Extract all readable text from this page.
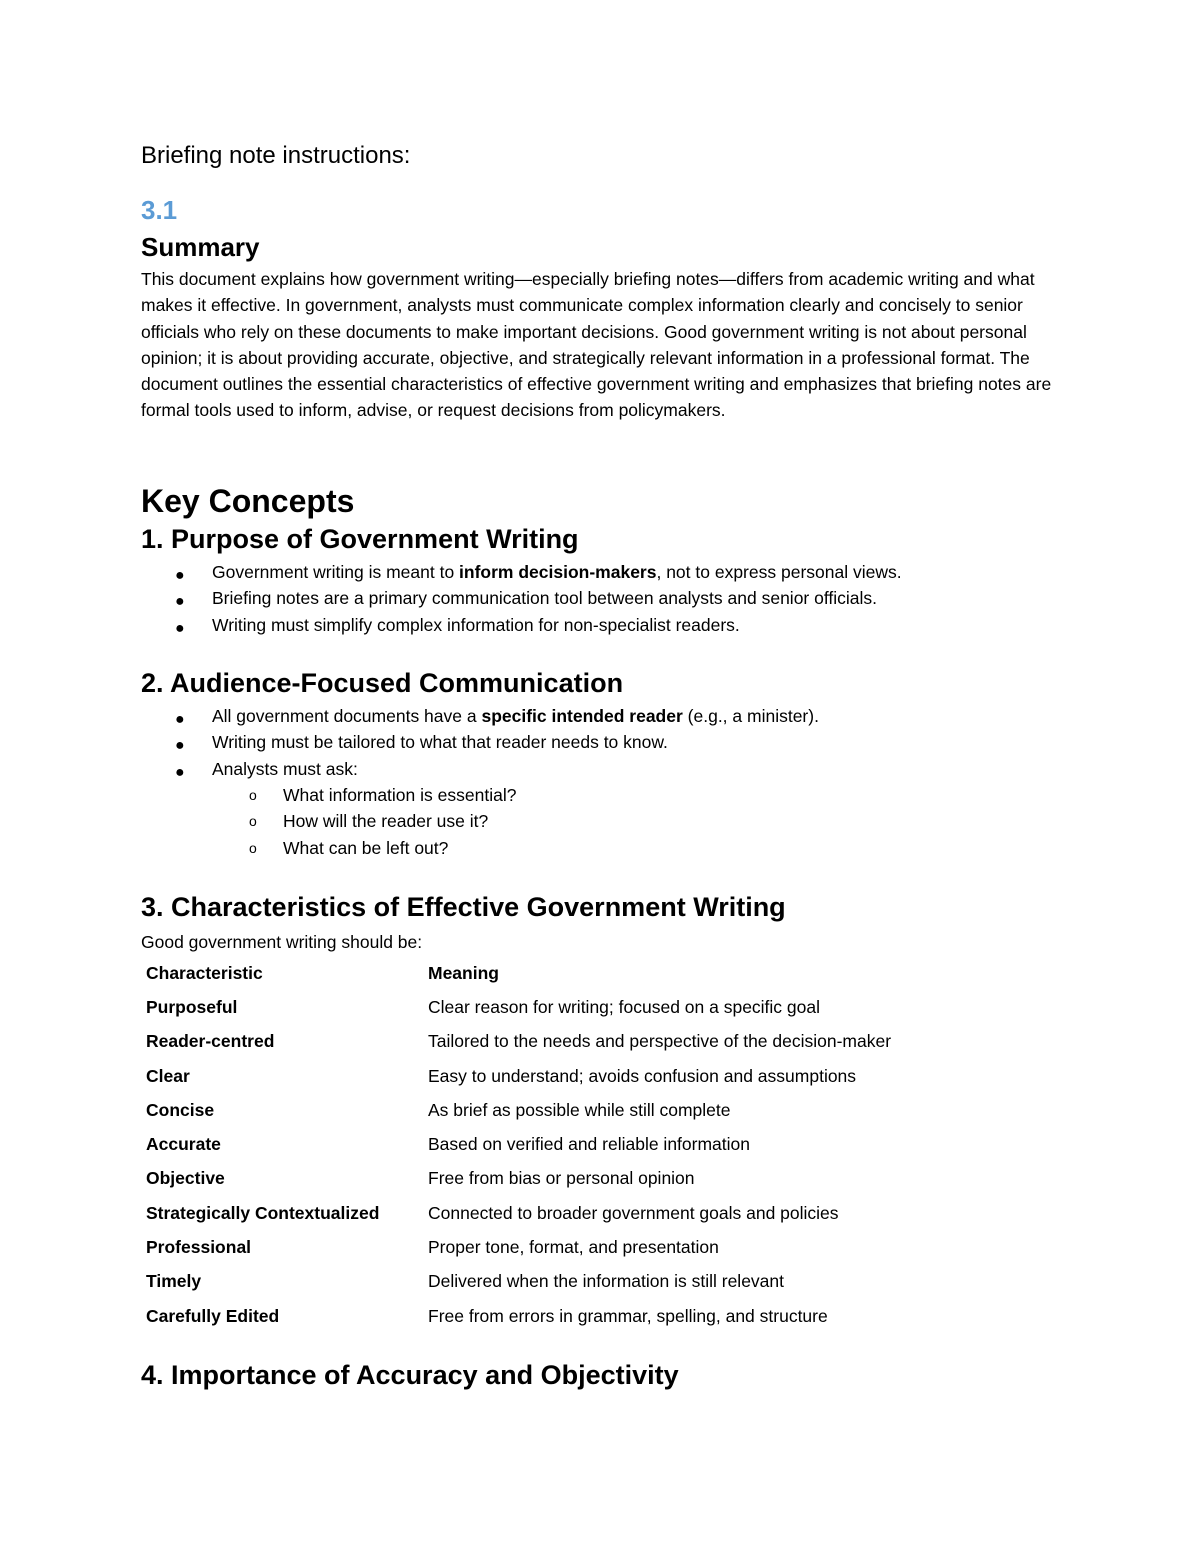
Briefing note instructions:
3.1
Summary

This document explains how government writing—especially briefing notes—differs from academic writing and what makes it effective. In government, analysts must communicate complex information clearly and concisely to senior officials who rely on these documents to make important decisions. Good government writing is not about personal opinion; it is about providing accurate, objective, and strategically relevant information in a professional format. The document outlines the essential characteristics of effective government writing and emphasizes that briefing notes are formal tools used to inform, advise, or request decisions from policymakers.

Key Concepts
1. Purpose of Government Writing
● Government writing is meant to inform decision-makers, not to express personal views.
● Briefing notes are a primary communication tool between analysts and senior officials.
● Writing must simplify complex information for non-specialist readers.
2. Audience-Focused Communication
● All government documents have a specific intended reader (e.g., a minister).
● Writing must be tailored to what that reader needs to know.
● Analysts must ask:
o What information is essential?
o How will the reader use it?
o What can be left out?
3. Characteristics of Effective Government Writing
Good government writing should be:
Characteristic	Meaning
Purposeful	Clear reason for writing; focused on a specific goal
Reader-centred	Tailored to the needs and perspective of the decision-maker
Clear	Easy to understand; avoids confusion and assumptions
Concise	As brief as possible while still complete
Accurate	Based on verified and reliable information
Objective	Free from bias or personal opinion
Strategically Contextualized	Connected to broader government goals and policies
Professional	Proper tone, format, and presentation
Timely	Delivered when the information is still relevant
Carefully Edited	Free from errors in grammar, spelling, and structure
4. Importance of Accuracy and Objectivity
